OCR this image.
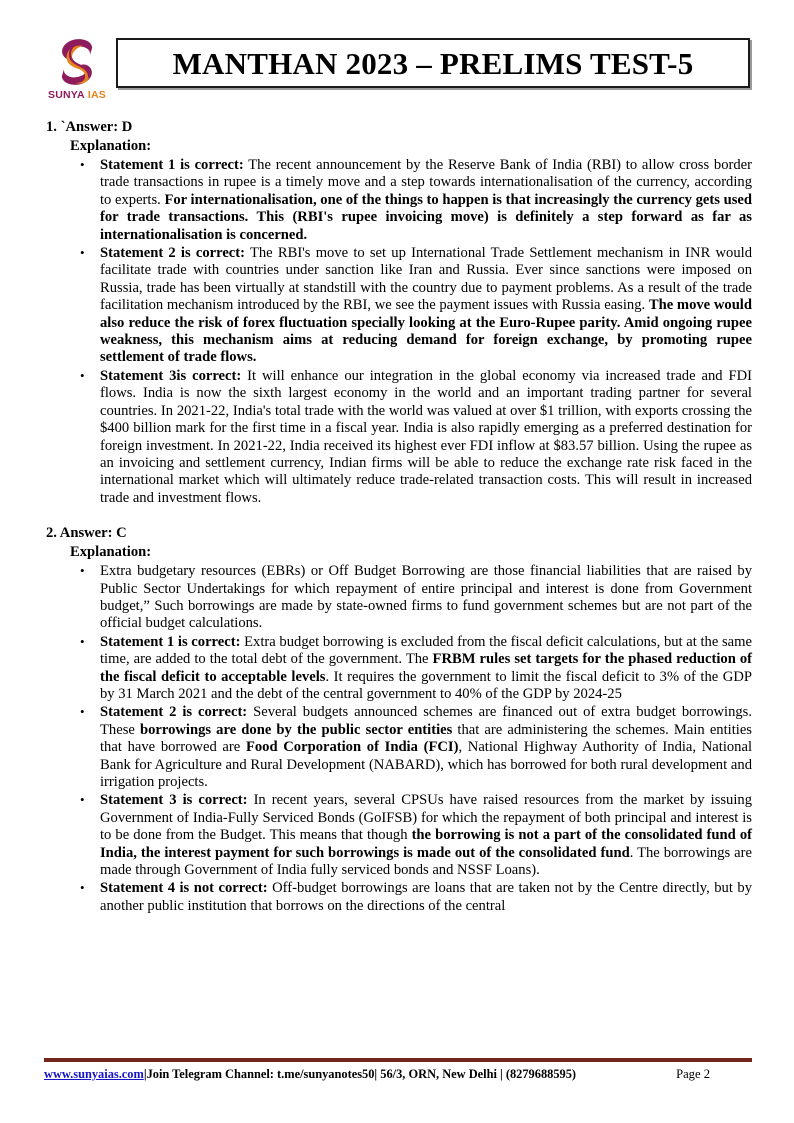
SUNYA IAS
MANTHAN 2023 – PRELIMS TEST-5
1. `Answer: D
Explanation:
• Statement 1 is correct: The recent announcement by the Reserve Bank of India (RBI) to allow cross border trade transactions in rupee is a timely move and a step towards internationalisation of the currency, according to experts. For internationalisation, one of the things to happen is that increasingly the currency gets used for trade transactions. This (RBI's rupee invoicing move) is definitely a step forward as far as internationalisation is concerned.
• Statement 2 is correct: The RBI's move to set up International Trade Settlement mechanism in INR would facilitate trade with countries under sanction like Iran and Russia. Ever since sanctions were imposed on Russia, trade has been virtually at standstill with the country due to payment problems. As a result of the trade facilitation mechanism introduced by the RBI, we see the payment issues with Russia easing. The move would also reduce the risk of forex fluctuation specially looking at the Euro-Rupee parity. Amid ongoing rupee weakness, this mechanism aims at reducing demand for foreign exchange, by promoting rupee settlement of trade flows.
• Statement 3is correct: It will enhance our integration in the global economy via increased trade and FDI flows. India is now the sixth largest economy in the world and an important trading partner for several countries. In 2021-22, India's total trade with the world was valued at over $1 trillion, with exports crossing the $400 billion mark for the first time in a fiscal year. India is also rapidly emerging as a preferred destination for foreign investment. In 2021-22, India received its highest ever FDI inflow at $83.57 billion. Using the rupee as an invoicing and settlement currency, Indian firms will be able to reduce the exchange rate risk faced in the international market which will ultimately reduce trade-related transaction costs. This will result in increased trade and investment flows.
2. Answer: C
Explanation:
• Extra budgetary resources (EBRs) or Off Budget Borrowing are those financial liabilities that are raised by Public Sector Undertakings for which repayment of entire principal and interest is done from Government budget,” Such borrowings are made by state-owned firms to fund government schemes but are not part of the official budget calculations.
• Statement 1 is correct: Extra budget borrowing is excluded from the fiscal deficit calculations, but at the same time, are added to the total debt of the government. The FRBM rules set targets for the phased reduction of the fiscal deficit to acceptable levels. It requires the government to limit the fiscal deficit to 3% of the GDP by 31 March 2021 and the debt of the central government to 40% of the GDP by 2024-25
• Statement 2 is correct: Several budgets announced schemes are financed out of extra budget borrowings. These borrowings are done by the public sector entities that are administering the schemes. Main entities that have borrowed are Food Corporation of India (FCI), National Highway Authority of India, National Bank for Agriculture and Rural Development (NABARD), which has borrowed for both rural development and irrigation projects.
• Statement 3 is correct: In recent years, several CPSUs have raised resources from the market by issuing Government of India-Fully Serviced Bonds (GoIFSB) for which the repayment of both principal and interest is to be done from the Budget. This means that though the borrowing is not a part of the consolidated fund of India, the interest payment for such borrowings is made out of the consolidated fund. The borrowings are made through Government of India fully serviced bonds and NSSF Loans).
• Statement 4 is not correct: Off-budget borrowings are loans that are taken not by the Centre directly, but by another public institution that borrows on the directions of the central
www.sunyaias.com | Join Telegram Channel: t.me/sunyanotes50| 56/3, ORN, New Delhi | (8279688595)	Page 2
